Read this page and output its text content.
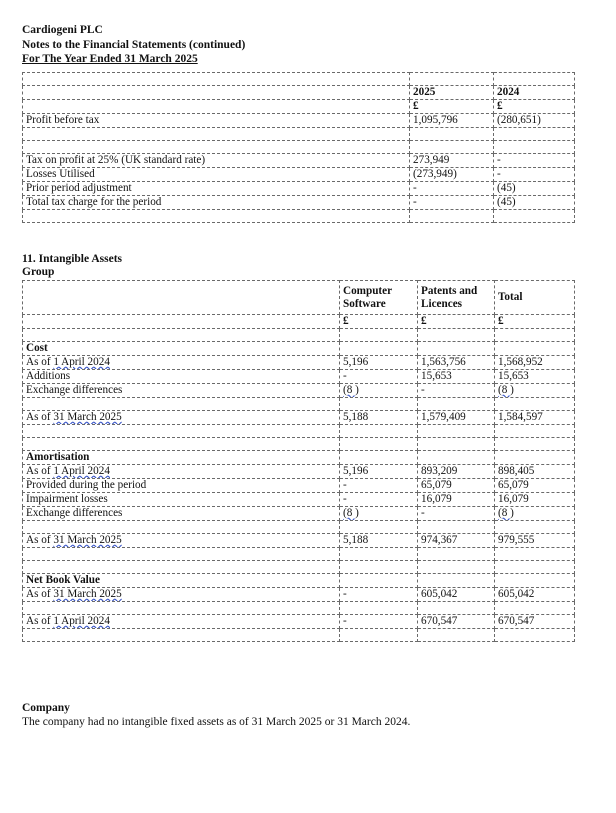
Cardiogeni PLC
Notes to the Financial Statements (continued)
For The Year Ended 31 March 2025

	2025	2024
	£	£
Profit before tax	1,095,796	(280,651)

Tax on profit at 25% (UK standard rate)	273,949	-
Losses Utilised	(273,949)	-
Prior period adjustment	-	(45)
Total tax charge for the period	-	(45)

11. Intangible Assets
Group
	Computer Software	Patents and Licences	Total
	£	£	£

Cost			
As of 1 April 2024	5,196	1,563,756	1,568,952
Additions	-	15,653	15,653
Exchange differences	(8 )	-	(8 )

As of 31 March 2025	5,188	1,579,409	1,584,597

Amortisation			
As of 1 April 2024	5,196	893,209	898,405
Provided during the period	-	65,079	65,079
Impairment losses	-	16,079	16,079
Exchange differences	(8 )	-	(8 )

As of 31 March 2025	5,188	974,367	979,555

Net Book Value			
As of 31 March 2025	-	605,042	605,042

As of 1 April 2024	-	670,547	670,547

Company
The company had no intangible fixed assets as of 31 March 2025 or 31 March 2024.
